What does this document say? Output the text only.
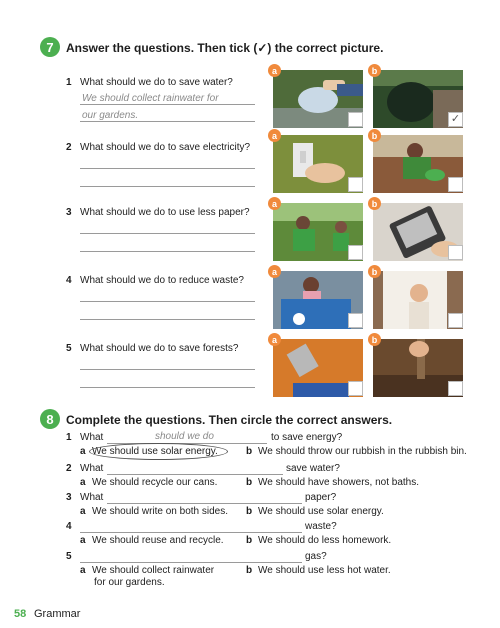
7	Answer the questions. Then tick (✓) the correct picture.
1 What should we do to save water?
We should collect rainwater for
our gardens.
2 What should we do to save electricity?
3 What should we do to use less paper?
4 What should we do to reduce waste?
5 What should we do to save forests?
a	b
✓
a	b
a	b
a	b
a	b
8	Complete the questions. Then circle the correct answers.
1 What	should we do	to save energy?
a We should use solar energy.	b We should throw our rubbish in the rubbish bin.
2 What	save water?
a We should recycle our cans.	b We should have showers, not baths.
3 What	paper?
a We should write on both sides. b We should use solar energy.
4	waste?
a We should reuse and recycle. b We should do less homework.
5	gas?
a We should collect rainwater
for our gardens.
b We should use less hot water.
58 Grammar
